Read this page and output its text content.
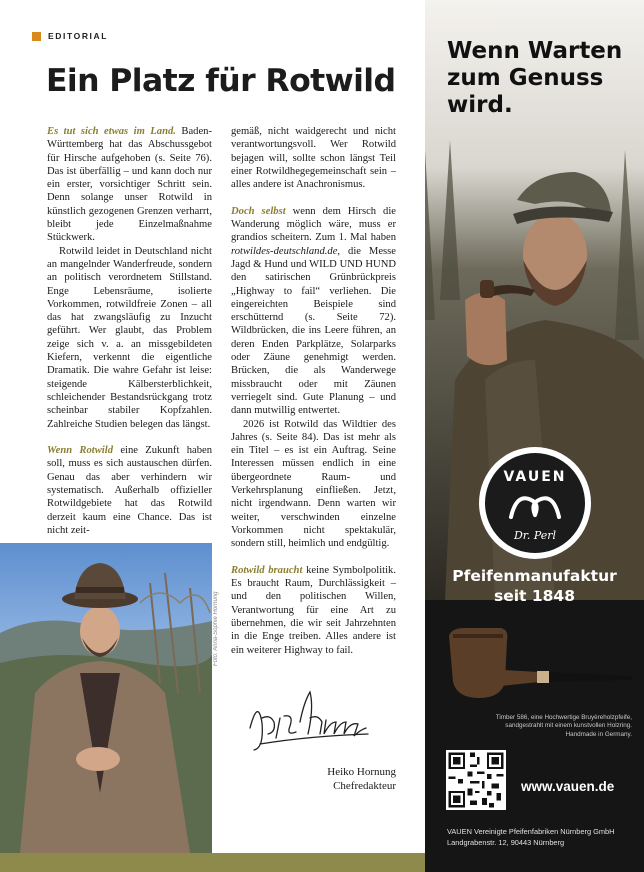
EDITORIAL
Ein Platz für Rotwild

Es tut sich etwas im Land. Baden-Württemberg hat das Abschussgebot für Hirsche aufgehoben (s. Seite 76). Das ist überfällig – und kann doch nur ein erster, vorsichtiger Schritt sein. Denn solange unser Rotwild in künstlich gezogenen Grenzen verharrt, bleibt jede Einzelmaßnahme Stückwerk.

Rotwild leidet in Deutschland nicht an mangelnder Wanderfreude, sondern an politisch verordnetem Stillstand. Enge Lebensräume, isolierte Vorkommen, rotwildfreie Zonen – all das hat zwangsläufig zu Inzucht geführt. Wer glaubt, das Problem zeige sich v. a. an missgebildeten Kiefern, verkennt die eigentliche Dramatik. Die wahre Gefahr ist leise: steigende Kälbersterblichkeit, schleichender Bestandsrückgang trotz scheinbar stabiler Kopfzahlen. Zahlreiche Studien belegen das längst.

Wenn Rotwild eine Zukunft haben soll, muss es sich austauschen dürfen. Genau das aber verhindern wir systematisch. Außerhalb offizieller Rotwildgebiete hat das Rotwild derzeit kaum eine Chance. Das ist nicht zeit-

gemäß, nicht waidgerecht und nicht verantwortungsvoll. Wer Rotwild bejagen will, sollte schon längst Teil einer Rotwildhegegemeinschaft sein – alles andere ist Anachronismus.

Doch selbst wenn dem Hirsch die Wanderung möglich wäre, muss er grandios scheitern. Zum 1. Mal haben rotwildes-deutschland.de, die Messe Jagd & Hund und WILD UND HUND den satirischen Grünbrückpreis „Highway to fail“ verliehen. Die eingereichten Beispiele sind erschütternd (s. Seite 72). Wildbrücken, die ins Leere führen, an deren Enden Parkplätze, Solarparks oder Zäune genehmigt werden. Brücken, die als Wanderwege missbraucht oder mit Zäunen verriegelt sind. Gute Planung – und dann mutwillig entwertet.

2026 ist Rotwild das Wildtier des Jahres (s. Seite 84). Das ist mehr als ein Titel – es ist ein Auftrag. Seine Interessen müssen endlich in eine übergeordnete Raum- und Verkehrsplanung einfließen. Jetzt, nicht irgendwann. Denn warten wir weiter, verschwinden einzelne Vorkommen nicht spektakulär, sondern still, heimlich und endgültig.

Rotwild braucht keine Symbolpolitik. Es braucht Raum, Durchlässigkeit – und den politischen Willen, Verantwortung für eine Art zu übernehmen, die wir seit Jahrzehnten in die Enge treiben. Alles andere ist ein weiterer Highway to fail.

Foto: Anna-Sophie Hornung
Heiko Hornung
Chefredakteur
Wenn Warten
zum Genuss
wird.
VAUEN
Dr. Perl
Pfeifenmanufaktur
seit 1848
Timber 586, eine Hochwertige Bruyèreholzpfeife,
sandgestrahlt mit einem kunstvollen Holzring.
Handmade in Germany.
www.vauen.de
VAUEN Vereinigte Pfeifenfabriken Nürnberg GmbH
Landgrabenstr. 12, 90443 Nürnberg
